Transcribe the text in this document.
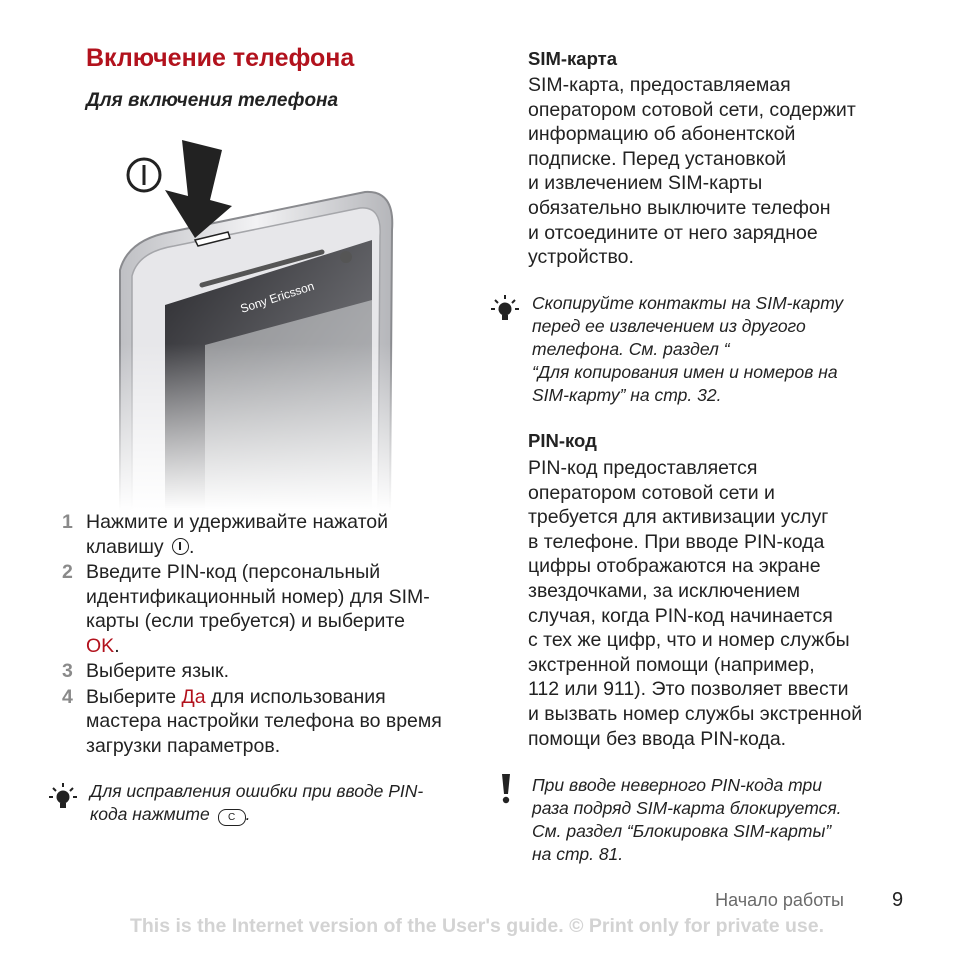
Включение телефона
Для включения телефона
1 Нажмите и удерживайте нажатой клавишу .
2 Введите PIN-код (персональный идентификационный номер) для SIM-карты (если требуется) и выберите OK.
3 Выберите язык.
4 Выберите Да для использования мастера настройки телефона во время загрузки параметров.
Для исправления ошибки при вводе PIN-кода нажмите C .
SIM-карта
SIM-карта, предоставляемая
оператором сотовой сети, содержит
информацию об абонентской
подписке. Перед установкой
и извлечением SIM-карты
обязательно выключите телефон
и отсоедините от него зарядное
устройство.
Скопируйте контакты на SIM-карту
перед ее извлечением из другого
телефона. См. раздел “
“Для копирования имен и номеров на
SIM-карту” на стр. 32.
PIN-код
PIN-код предоставляется
оператором сотовой сети и
требуется для активизации услуг
в телефоне. При вводе PIN-кода
цифры отображаются на экране
звездочками, за исключением
случая, когда PIN-код начинается
с тех же цифр, что и номер службы
экстренной помощи (например,
112 или 911). Это позволяет ввести
и вызвать номер службы экстренной
помощи без ввода PIN-кода.
При вводе неверного PIN-кода три
раза подряд SIM-карта блокируется.
См. раздел “Блокировка SIM-карты”
на стр. 81.
Начало работы 9
This is the Internet version of the User's guide. © Print only for private use.
